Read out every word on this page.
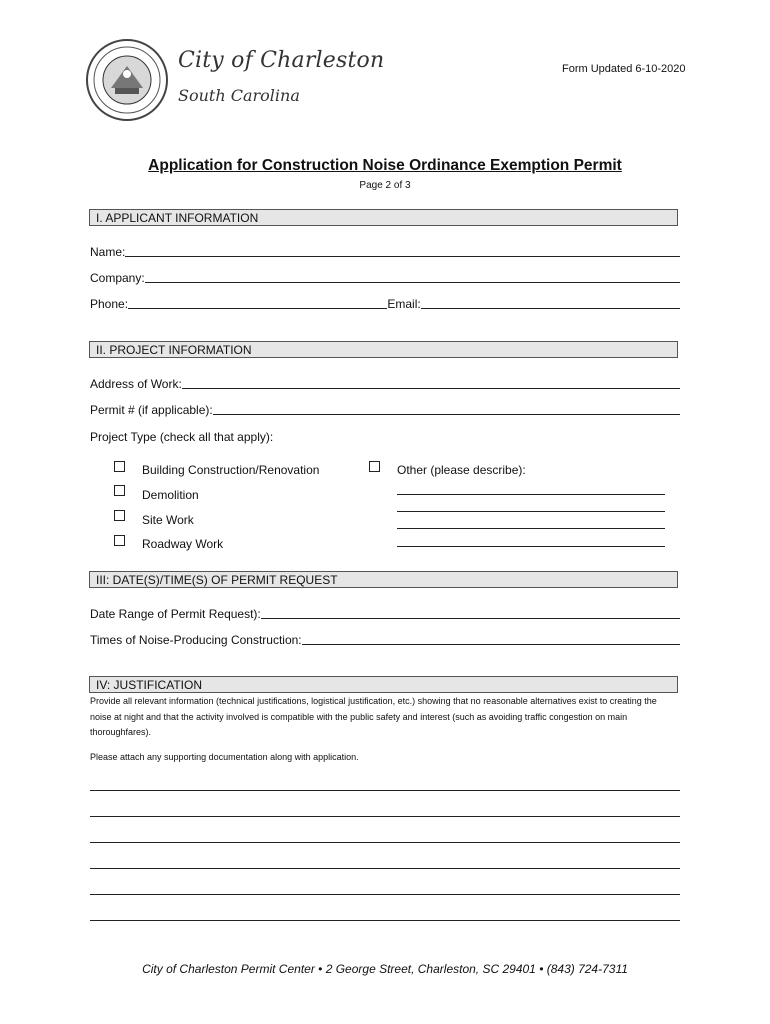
City of Charleston
South Carolina
Form Updated 6-10-2020
Application for Construction Noise Ordinance Exemption Permit
Page 2 of 3
I. APPLICANT INFORMATION
Name:
Company:
Phone:	Email:
II. PROJECT INFORMATION
Address of Work:
Permit # (if applicable):
Project Type (check all that apply):
Building Construction/Renovation
Demolition
Site Work
Roadway Work
Other (please describe):
III: DATE(S)/TIME(S) OF PERMIT REQUEST
Date Range of Permit Request):
Times of Noise-Producing Construction:
IV: JUSTIFICATION
Provide all relevant information (technical justifications, logistical justification, etc.) showing that no reasonable alternatives exist to creating the noise at night and that the activity involved is compatible with the public safety and interest (such as avoiding traffic congestion on main thoroughfares).
Please attach any supporting documentation along with application.
City of Charleston Permit Center • 2 George Street, Charleston, SC 29401 • (843) 724-7311
